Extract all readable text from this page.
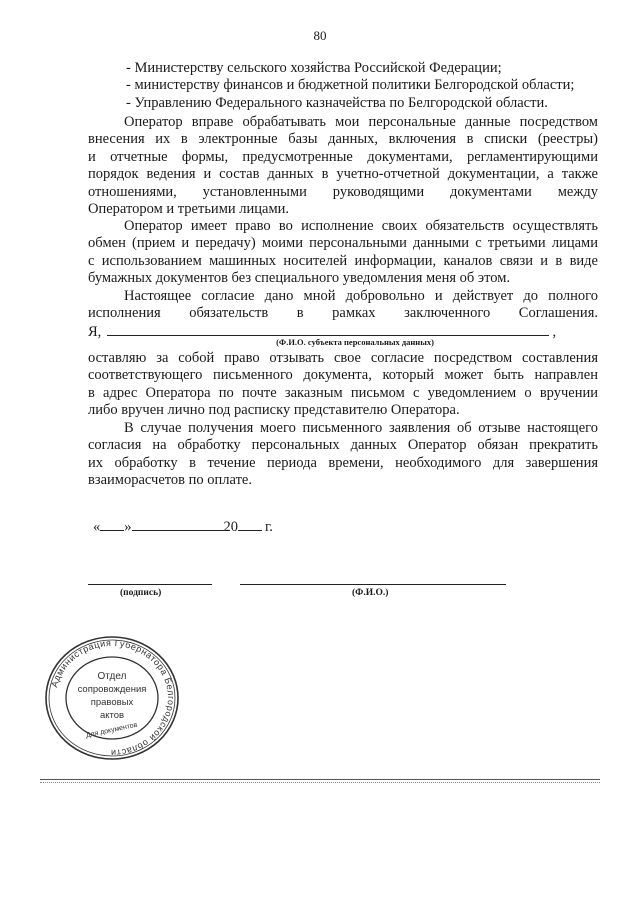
80
- Министерству сельского хозяйства Российской Федерации;
- министерству финансов и бюджетной политики Белгородской области;
- Управлению Федерального казначейства по Белгородской области.
Оператор вправе обрабатывать мои персональные данные посредством
внесения их в электронные базы данных, включения в списки (реестры)
и отчетные формы, предусмотренные документами, регламентирующими
порядок ведения и состав данных в учетно-отчетной документации, а также
отношениями, установленными руководящими документами между
Оператором и третьими лицами.
Оператор имеет право во исполнение своих обязательств осуществлять
обмен (прием и передачу) моими персональными данными с третьими лицами
с использованием машинных носителей информации, каналов связи и в виде
бумажных документов без специального уведомления меня об этом.
Настоящее согласие дано мной добровольно и действует до полного
исполнения обязательств в рамках заключенного Соглашения.
Я,	,
(Ф.И.О. субъекта персональных данных)
оставляю за собой право отзывать свое согласие посредством составления
соответствующего письменного документа, который может быть направлен
в адрес Оператора по почте заказным письмом с уведомлением о вручении
либо вручен лично под расписку представителю Оператора.
В случае получения моего письменного заявления об отзыве настоящего
согласия на обработку персональных данных Оператор обязан прекратить
их обработку в течение периода времени, необходимого для завершения
взаиморасчетов по оплате.
« »	20 г.
(подпись)	(Ф.И.О.)
Администрация Губернатора Белгородской области
Отдел
сопровождения
правовых
актов
Для документов
